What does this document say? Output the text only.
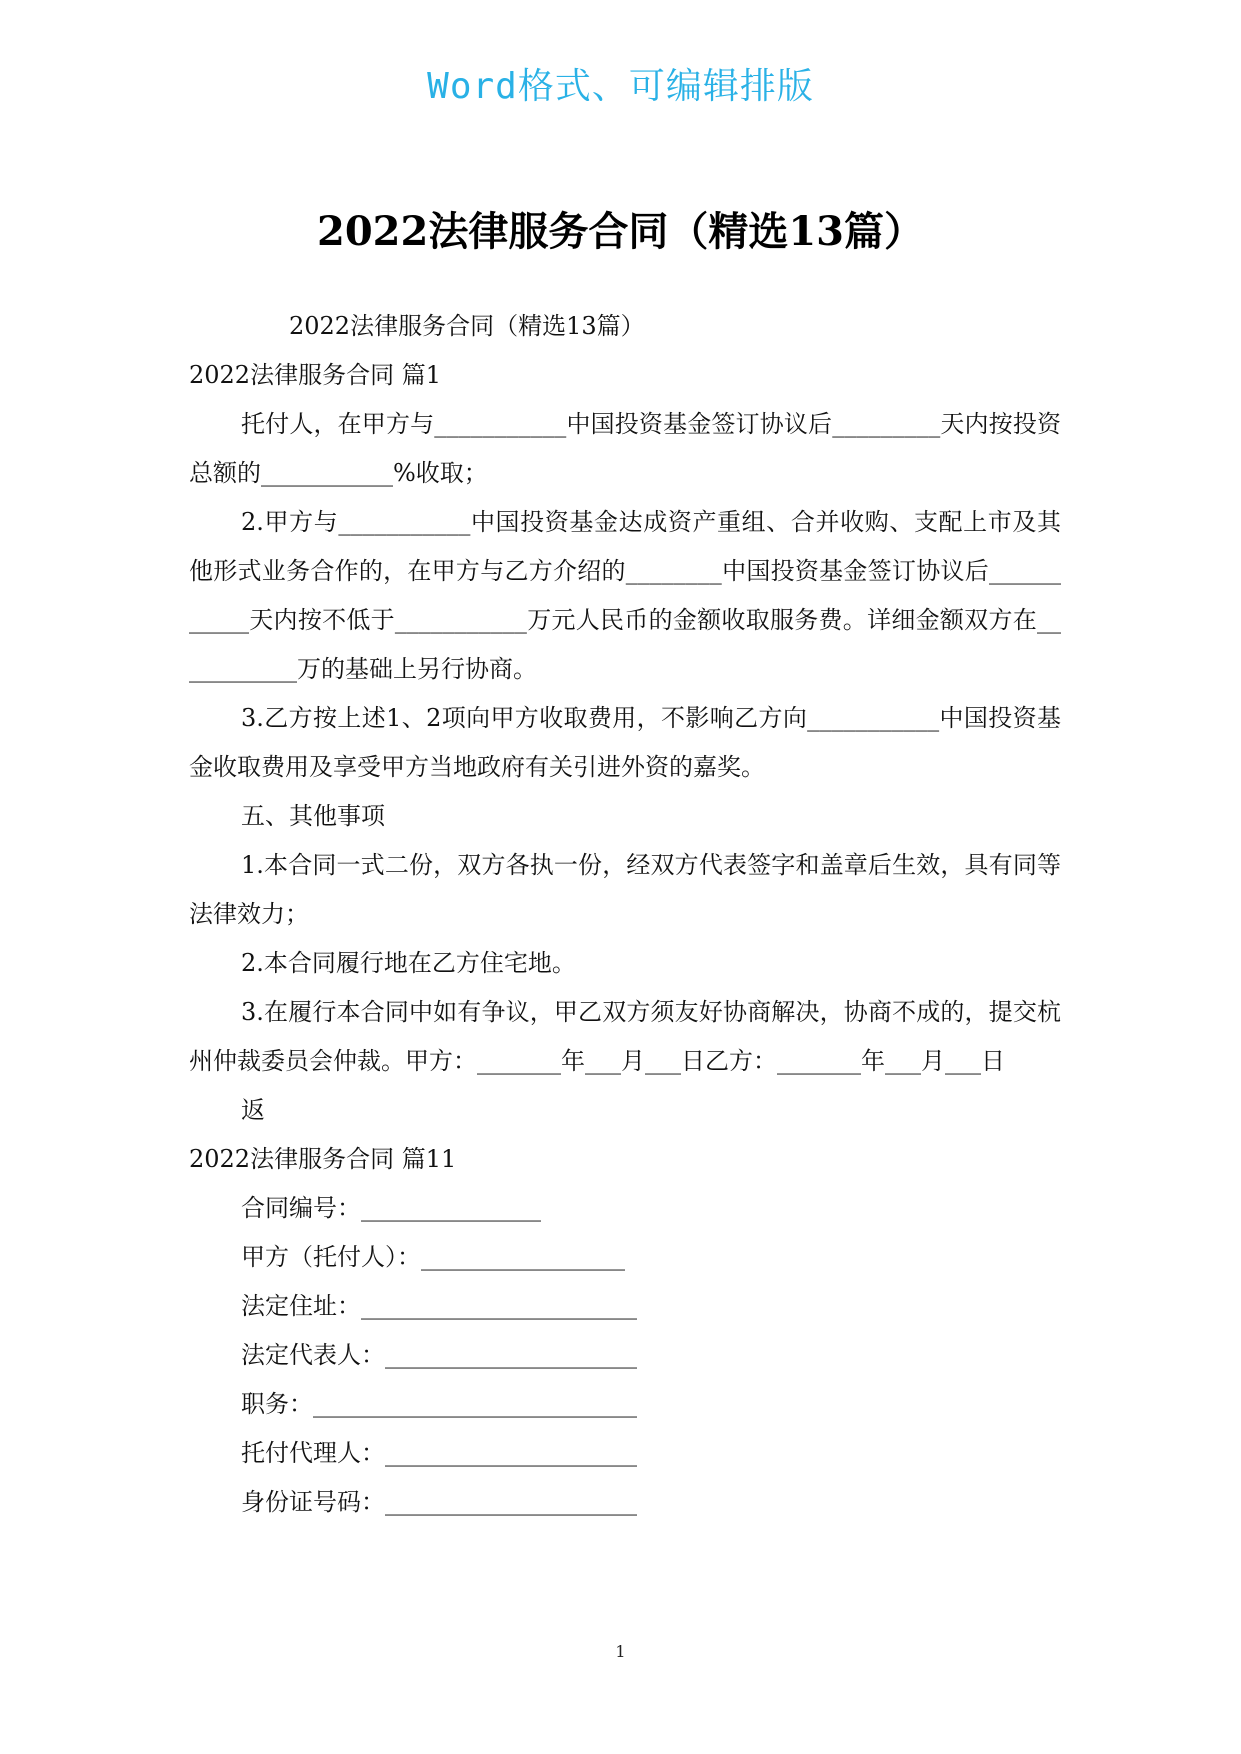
Word格式、可编辑排版
2022法律服务合同（精选13篇）

2022法律服务合同（精选13篇）

2022法律服务合同 篇1

托付人，在甲方与___________中国投资基金签订协议后_________天内按投资总额的___________%收取；

2.甲方与___________中国投资基金达成资产重组、合并收购、支配上市及其他形式业务合作的，在甲方与乙方介绍的________中国投资基金签订协议后___________天内按不低于___________万元人民币的金额收取服务费。详细金额双方在___________万的基础上另行协商。

3.乙方按上述1、2项向甲方收取费用，不影响乙方向___________中国投资基金收取费用及享受甲方当地政府有关引进外资的嘉奖。

五、其他事项

1.本合同一式二份，双方各执一份，经双方代表签字和盖章后生效，具有同等法律效力；

2.本合同履行地在乙方住宅地。

3.在履行本合同中如有争议，甲乙双方须友好协商解决，协商不成的，提交杭州仲裁委员会仲裁。甲方：_______年___月___日乙方：_______年___月___日

返

2022法律服务合同 篇11

合同编号：_______________

甲方（托付人）：_________________

法定住址：_______________________

法定代表人：_____________________

职务：___________________________

托付代理人：_____________________

身份证号码：_____________________

1
